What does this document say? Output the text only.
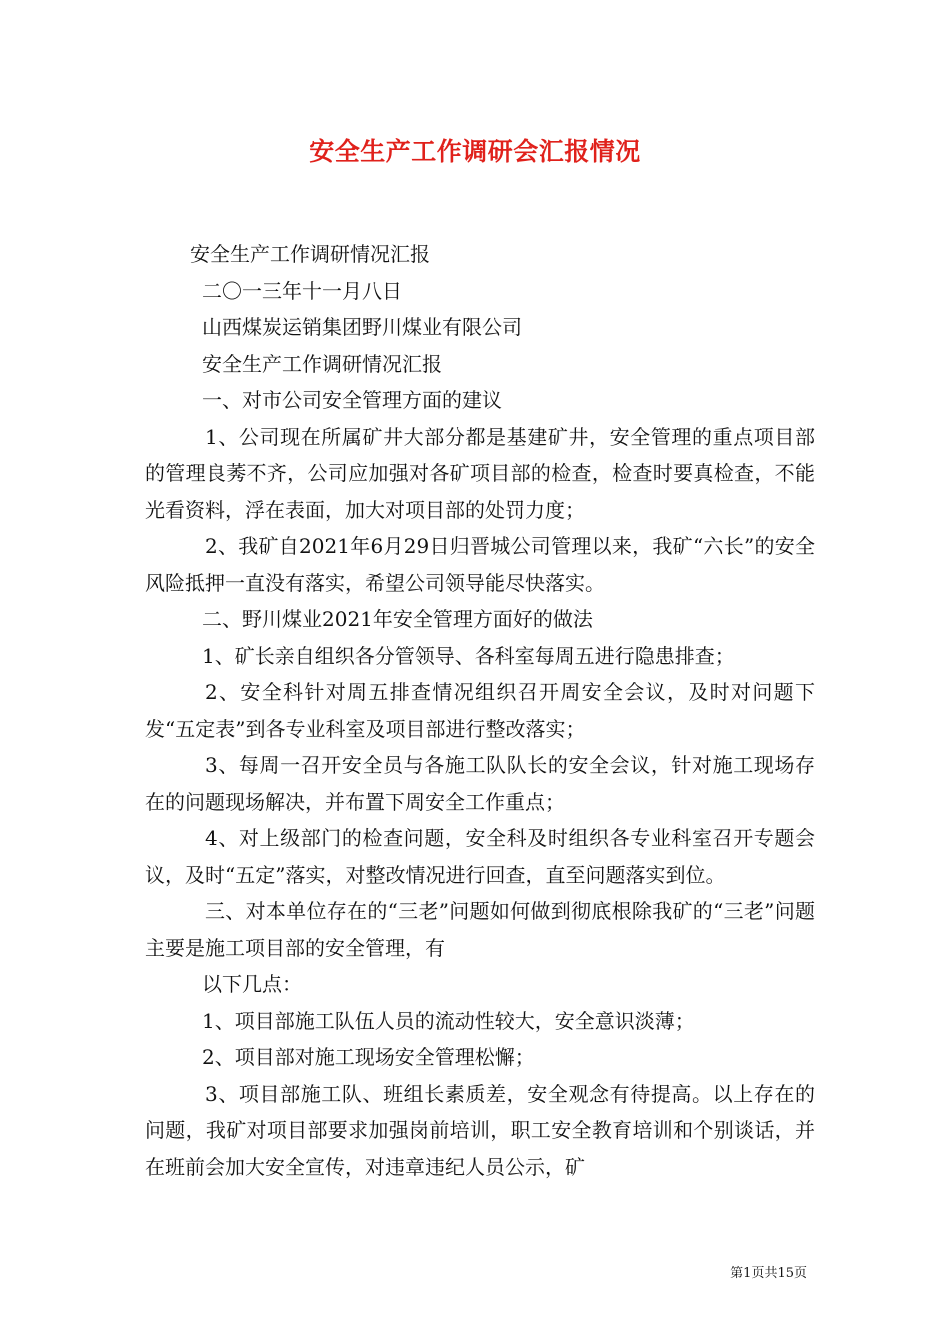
安全生产工作调研会汇报情况

安全生产工作调研情况汇报

二〇一三年十一月八日

山西煤炭运销集团野川煤业有限公司

安全生产工作调研情况汇报

一、对市公司安全管理方面的建议

1、公司现在所属矿井大部分都是基建矿井，安全管理的重点项目部的管理良莠不齐，公司应加强对各矿项目部的检查，检查时要真检查，不能光看资料，浮在表面，加大对项目部的处罚力度；

2、我矿自2021年6月29日归晋城公司管理以来，我矿“六长”的安全风险抵押一直没有落实，希望公司领导能尽快落实。

二、野川煤业2021年安全管理方面好的做法

1、矿长亲自组织各分管领导、各科室每周五进行隐患排查；

2、安全科针对周五排查情况组织召开周安全会议，及时对问题下发“五定表”到各专业科室及项目部进行整改落实；

3、每周一召开安全员与各施工队队长的安全会议，针对施工现场存在的问题现场解决，并布置下周安全工作重点；

4、对上级部门的检查问题，安全科及时组织各专业科室召开专题会议，及时“五定”落实，对整改情况进行回查，直至问题落实到位。

三、对本单位存在的“三老”问题如何做到彻底根除我矿的“三老”问题主要是施工项目部的安全管理，有

以下几点：

1、项目部施工队伍人员的流动性较大，安全意识淡薄；

2、项目部对施工现场安全管理松懈；

3、项目部施工队、班组长素质差，安全观念有待提高。以上存在的问题，我矿对项目部要求加强岗前培训，职工安全教育培训和个别谈话，并在班前会加大安全宣传，对违章违纪人员公示，矿

第1页共15页
